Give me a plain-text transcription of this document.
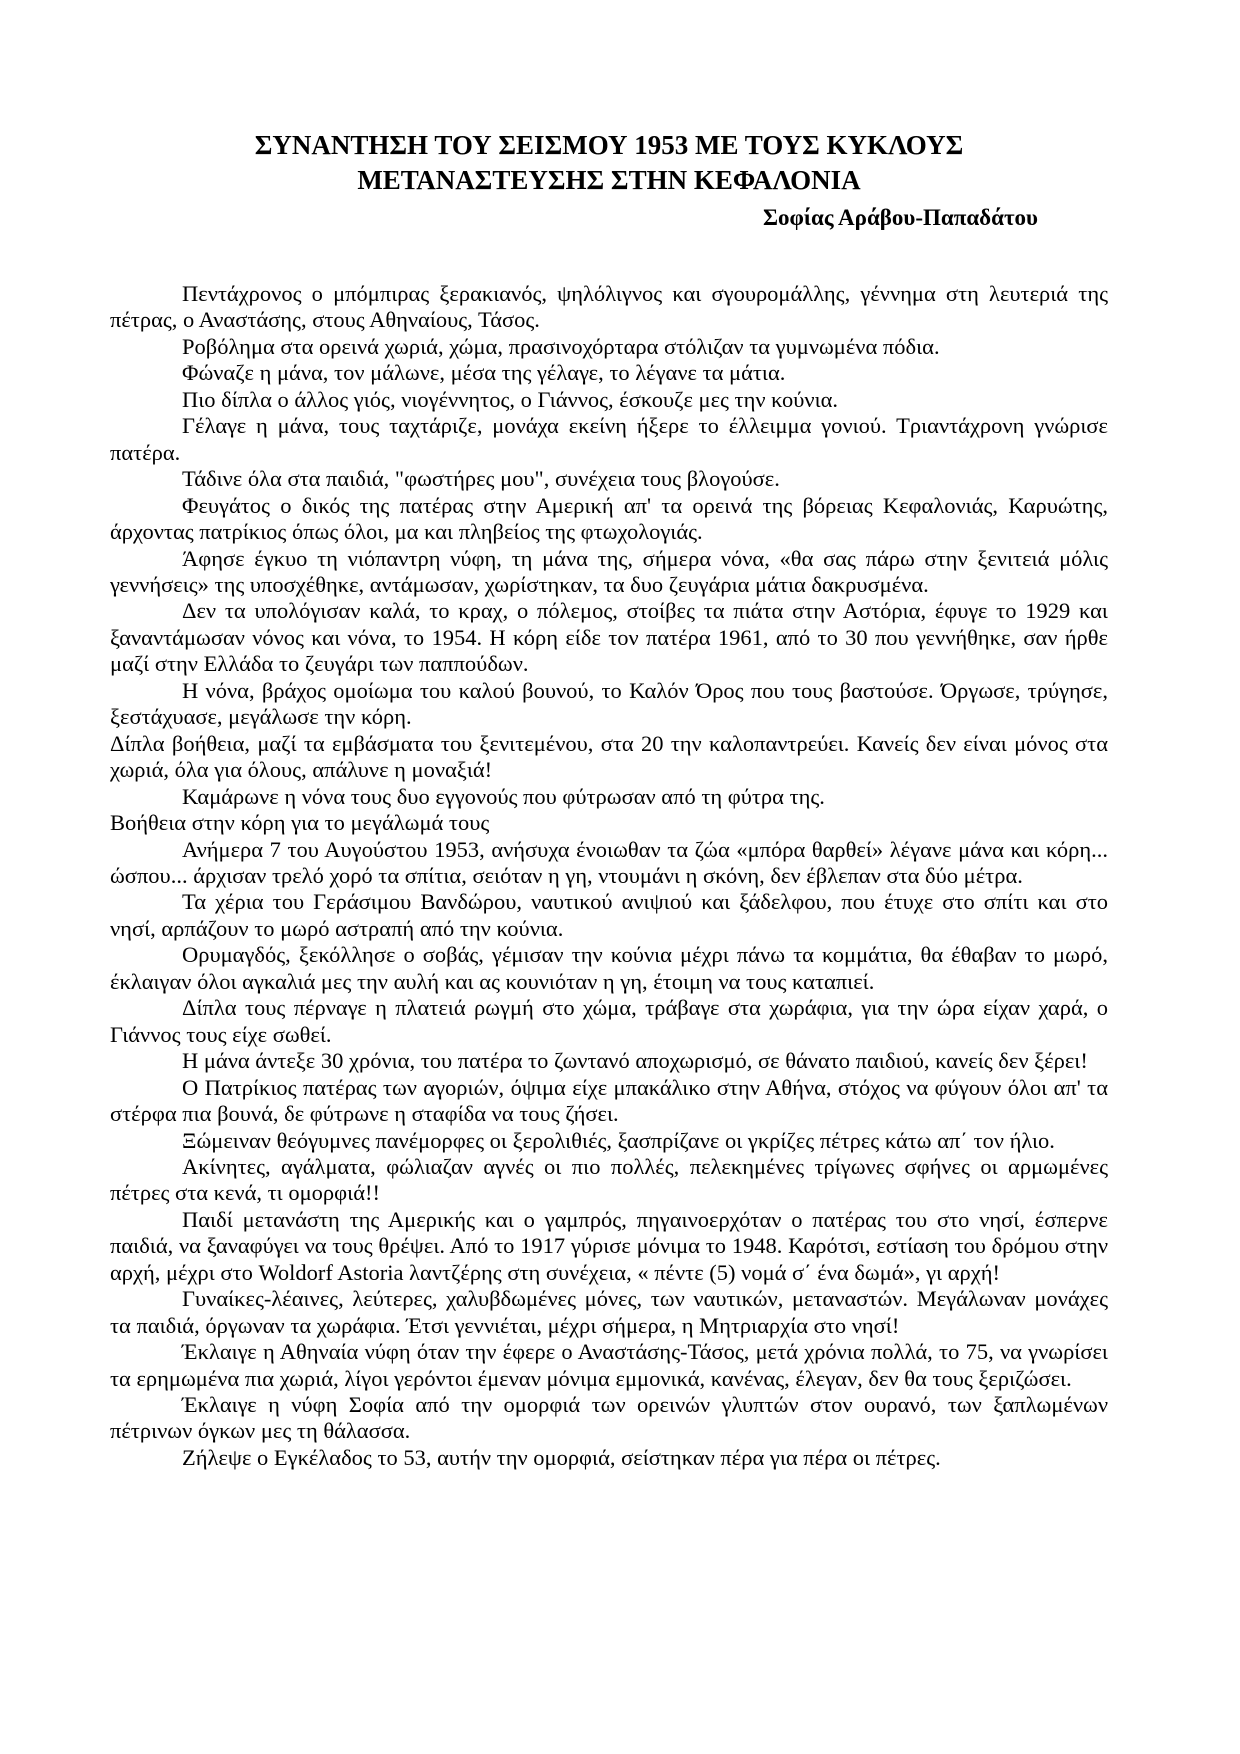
ΣΥΝΑΝΤΗΣΗ ΤΟΥ ΣΕΙΣΜΟΥ 1953 ΜΕ ΤΟΥΣ ΚΥΚΛΟΥΣ
ΜΕΤΑΝΑΣΤΕΥΣΗΣ ΣΤΗΝ ΚΕΦΑΛΟΝΙΑ
Σοφίας Αράβου-Παπαδάτου

Πεντάχρονος ο μπόμπιρας ξερακιανός, ψηλόλιγνος και σγουρομάλλης, γέννημα στη λευτεριά της πέτρας, ο Αναστάσης, στους Αθηναίους, Τάσος.

Ροβόλημα στα ορεινά χωριά, χώμα, πρασινοχόρταρα στόλιζαν τα γυμνωμένα πόδια.

Φώναζε η μάνα, τον μάλωνε, μέσα της γέλαγε, το λέγανε τα μάτια.

Πιο δίπλα ο άλλος γιός, νιογέννητος, ο Γιάννος, έσκουζε μες την κούνια.

Γέλαγε η μάνα, τους ταχτάριζε, μονάχα εκείνη ήξερε το έλλειμμα γονιού. Τριαντάχρονη γνώρισε πατέρα.

Τάδινε όλα στα παιδιά, "φωστήρες μου", συνέχεια τους βλογούσε.

Φευγάτος ο δικός της πατέρας στην Αμερική απ' τα ορεινά της βόρειας Κεφαλονιάς, Καρυώτης, άρχοντας πατρίκιος όπως όλοι, μα και πληβείος της φτωχολογιάς.

Άφησε έγκυο τη νιόπαντρη νύφη, τη μάνα της, σήμερα νόνα, «θα σας πάρω στην ξενιτειά μόλις γεννήσεις» της υποσχέθηκε, αντάμωσαν, χωρίστηκαν, τα δυο ζευγάρια μάτια δακρυσμένα.

Δεν τα υπολόγισαν καλά, το κραχ, ο πόλεμος, στοίβες τα πιάτα στην Αστόρια, έφυγε το 1929 και ξαναντάμωσαν νόνος και νόνα, το 1954. Η κόρη είδε τον πατέρα 1961, από το 30 που γεννήθηκε, σαν ήρθε μαζί στην Ελλάδα το ζευγάρι των παππούδων.

Η νόνα, βράχος ομοίωμα του καλού βουνού, το Καλόν Όρος που τους βαστούσε. Όργωσε, τρύγησε, ξεστάχυασε, μεγάλωσε την κόρη.

Δίπλα βοήθεια, μαζί τα εμβάσματα του ξενιτεμένου, στα 20 την καλοπαντρεύει. Κανείς δεν είναι μόνος στα χωριά, όλα για όλους, απάλυνε η μοναξιά!

Καμάρωνε η νόνα τους δυο εγγονούς που φύτρωσαν από τη φύτρα της.

Βοήθεια στην κόρη για το μεγάλωμά τους

Ανήμερα 7 του Αυγούστου 1953, ανήσυχα ένοιωθαν τα ζώα «μπόρα θαρθεί» λέγανε μάνα και κόρη... ώσπου... άρχισαν τρελό χορό τα σπίτια, σειόταν η γη, ντουμάνι η σκόνη, δεν έβλεπαν στα δύο μέτρα.

Τα χέρια του Γεράσιμου Βανδώρου, ναυτικού ανιψιού και ξάδελφου, που έτυχε στο σπίτι και στο νησί, αρπάζουν το μωρό αστραπή από την κούνια.

Ορυμαγδός, ξεκόλλησε ο σοβάς, γέμισαν την κούνια μέχρι πάνω τα κομμάτια, θα έθαβαν το μωρό, έκλαιγαν όλοι αγκαλιά μες την αυλή και ας κουνιόταν η γη, έτοιμη να τους καταπιεί.

Δίπλα τους πέρναγε η πλατειά ρωγμή στο χώμα, τράβαγε στα χωράφια, για την ώρα είχαν χαρά, ο Γιάννος τους είχε σωθεί.

Η μάνα άντεξε 30 χρόνια, του πατέρα το ζωντανό αποχωρισμό, σε θάνατο παιδιού, κανείς δεν ξέρει!

Ο Πατρίκιος πατέρας των αγοριών, όψιμα είχε μπακάλικο στην Αθήνα, στόχος να φύγουν όλοι απ' τα στέρφα πια βουνά, δε φύτρωνε η σταφίδα να τους ζήσει.

Ξώμειναν θεόγυμνες πανέμορφες οι ξερολιθιές, ξασπρίζανε οι γκρίζες πέτρες κάτω απ΄ τον ήλιο.

Ακίνητες, αγάλματα, φώλιαζαν αγνές οι πιο πολλές, πελεκημένες τρίγωνες σφήνες οι αρμωμένες πέτρες στα κενά, τι ομορφιά!!

Παιδί μετανάστη της Αμερικής και ο γαμπρός, πηγαινοερχόταν ο πατέρας του στο νησί, έσπερνε παιδιά, να ξαναφύγει να τους θρέψει. Από το 1917 γύρισε μόνιμα το 1948. Καρότσι, εστίαση του δρόμου στην αρχή, μέχρι στο Woldorf Astoria λαντζέρης στη συνέχεια, « πέντε (5) νομά σ΄ ένα δωμά», γι αρχή!

Γυναίκες-λέαινες, λεύτερες, χαλυβδωμένες μόνες, των ναυτικών, μεταναστών. Μεγάλωναν μονάχες τα παιδιά, όργωναν τα χωράφια. Έτσι γεννιέται, μέχρι σήμερα, η Μητριαρχία στο νησί!

Έκλαιγε η Αθηναία νύφη όταν την έφερε ο Αναστάσης-Τάσος, μετά χρόνια πολλά, το 75, να γνωρίσει τα ερημωμένα πια χωριά, λίγοι γερόντοι έμεναν μόνιμα εμμονικά, κανένας, έλεγαν, δεν θα τους ξεριζώσει.

Έκλαιγε η νύφη Σοφία από την ομορφιά των ορεινών γλυπτών στον ουρανό, των ξαπλωμένων πέτρινων όγκων μες τη θάλασσα.

Ζήλεψε ο Εγκέλαδος το 53, αυτήν την ομορφιά, σείστηκαν πέρα για πέρα οι πέτρες.
